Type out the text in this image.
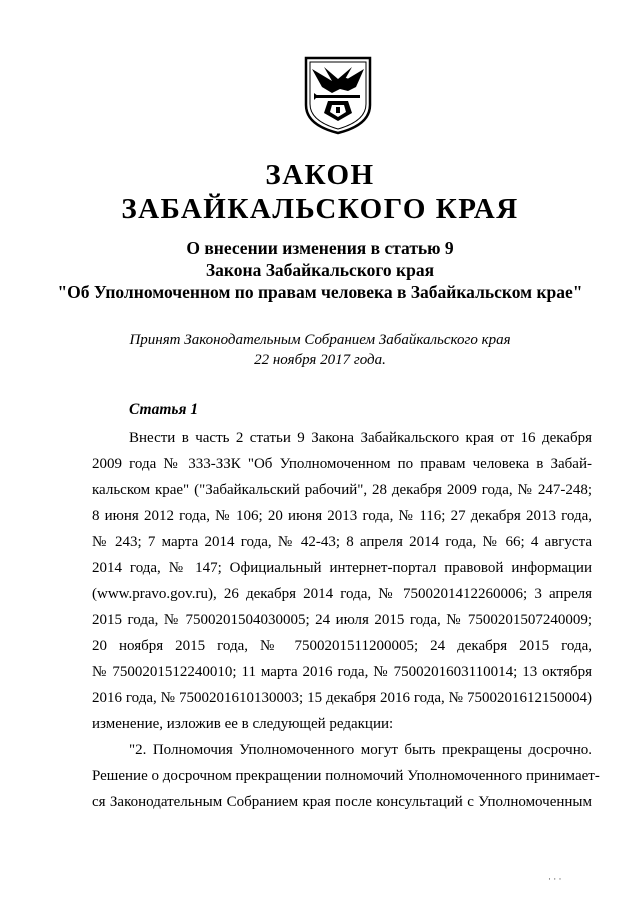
ЗАКОН
ЗАБАЙКАЛЬСКОГО КРАЯ
О внесении изменения в статью 9
Закона Забайкальского края
"Об Уполномоченном по правам человека в Забайкальском крае"
Принят Законодательным Собранием Забайкальского края
22 ноября 2017 года.
Статья 1
Внести в часть 2 статьи 9 Закона Забайкальского края от 16 декабря
2009 года № 333-ЗЗК "Об Уполномоченном по правам человека в Забай-
кальском крае" ("Забайкальский рабочий", 28 декабря 2009 года, № 247-248;
8 июня 2012 года, № 106; 20 июня 2013 года, № 116; 27 декабря 2013 года,
№ 243; 7 марта 2014 года, № 42-43; 8 апреля 2014 года, № 66; 4 августа
2014 года, № 147; Официальный интернет-портал правовой информации
(www.pravo.gov.ru), 26 декабря 2014 года, № 7500201412260006; 3 апреля
2015 года, № 7500201504030005; 24 июля 2015 года, № 7500201507240009;
20 ноября 2015 года, № 7500201511200005; 24 декабря 2015 года,
№ 7500201512240010; 11 марта 2016 года, № 7500201603110014; 13 октября
2016 года, № 7500201610130003; 15 декабря 2016 года, № 7500201612150004)
изменение, изложив ее в следующей редакции:
"2. Полномочия Уполномоченного могут быть прекращены досрочно.
Решение о досрочном прекращении полномочий Уполномоченного принимает-
ся Законодательным Собранием края после консультаций с Уполномоченным
· · ·
